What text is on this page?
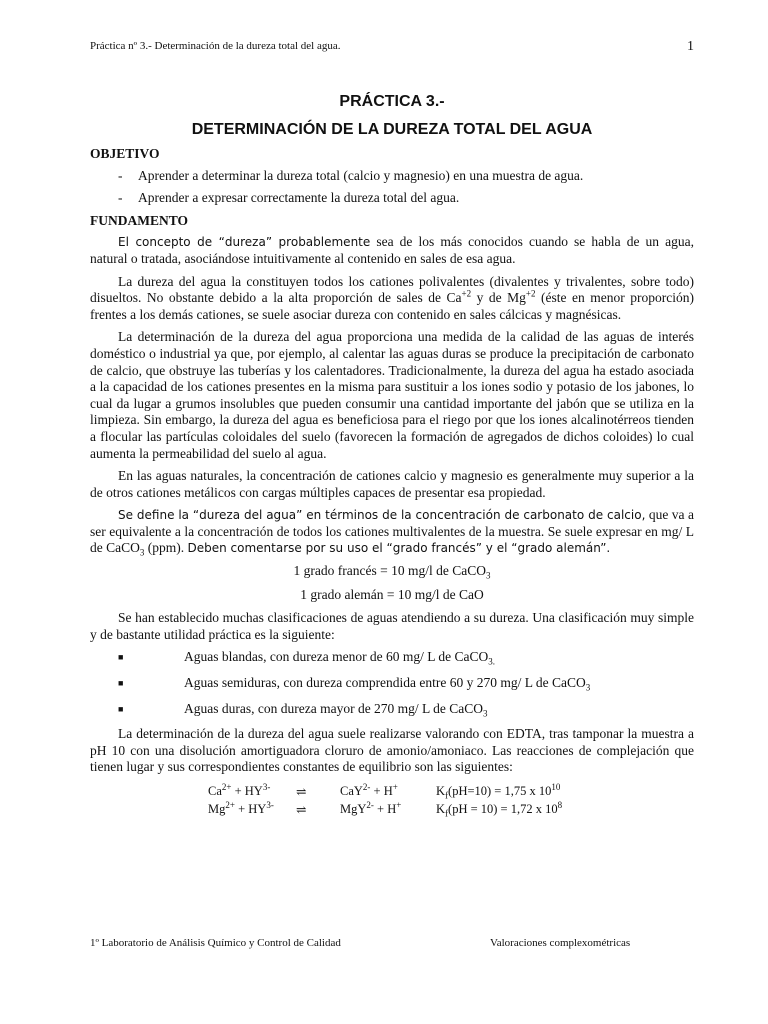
Práctica nº 3.- Determinación de la dureza total del agua.	1
PRÁCTICA 3.-
DETERMINACIÓN DE LA DUREZA TOTAL DEL AGUA

OBJETIVO

- Aprender a determinar la dureza total (calcio y magnesio) en una muestra de agua.

- Aprender a expresar correctamente la dureza total del agua.

FUNDAMENTO

El concepto de “dureza” probablemente sea de los más conocidos cuando se habla de un agua, natural o tratada, asociándose intuitivamente al contenido en sales de esa agua.

La dureza del agua la constituyen todos los cationes polivalentes (divalentes y trivalentes, sobre todo) disueltos. No obstante debido a la alta proporción de sales de $Ca^{+2}$ y de $Mg^{+2}$ (éste en menor proporción) frentes a los demás cationes, se suele asociar dureza con contenido en sales cálcicas y magnésicas.

La determinación de la dureza del agua proporciona una medida de la calidad de las aguas de interés doméstico o industrial ya que, por ejemplo, al calentar las aguas duras se produce la precipitación de carbonato de calcio, que obstruye las tuberías y los calentadores. Tradicionalmente, la dureza del agua ha estado asociada a la capacidad de los cationes presentes en la misma para sustituir a los iones sodio y potasio de los jabones, lo cual da lugar a grumos insolubles que pueden consumir una cantidad importante del jabón que se utiliza en la limpieza. Sin embargo, la dureza del agua es beneficiosa para el riego por que los iones alcalinotérreos tienden a flocular las partículas coloidales del suelo (favorecen la formación de agregados de dichos coloides) lo cual aumenta la permeabilidad del suelo al agua.

En las aguas naturales, la concentración de cationes calcio y magnesio es generalmente muy superior a la de otros cationes metálicos con cargas múltiples capaces de presentar esa propiedad.

Se define la “dureza del agua” en términos de la concentración de carbonato de calcio, que va a ser equivalente a la concentración de todos los cationes multivalentes de la muestra. Se suele expresar en mg/ L de CaCO$_3$ (ppm). Deben comentarse por su uso el “grado francés” y el “grado alemán”.

1 grado francés = 10 mg/l de CaCO$_3$

1 grado alemán = 10 mg/l de CaO

Se han establecido muchas clasificaciones de aguas atendiendo a su dureza. Una clasificación muy simple y de bastante utilidad práctica es la siguiente:

■	Aguas blandas, con dureza menor de 60 mg/ L de CaCO$_{3.}$

■	Aguas semiduras, con dureza comprendida entre 60 y 270 mg/ L de CaCO$_3$

■	Aguas duras, con dureza mayor de 270 mg/ L de CaCO$_3$

La determinación de la dureza del agua suele realizarse valorando con EDTA, tras tamponar la muestra a pH 10 con una disolución amortiguadora cloruro de amonio/amoniaco. Las reacciones de complejación que tienen lugar y sus correspondientes constantes de equilibrio son las siguientes:

$Ca^{2+} + HY^{3-}$ ⇌	CaY$^{2-}$ + H+	$K_f(pH=10) = 1,75$ x $10^{10}$
$Mg^{2+} + HY^{3-}$ ⇌	MgY$^{2-}$ + H+	$K_f(pH = 10) = 1,72$ x $10^8$
1º Laboratorio de Análisis Químico y Control de Calidad	Valoraciones complexométricas
